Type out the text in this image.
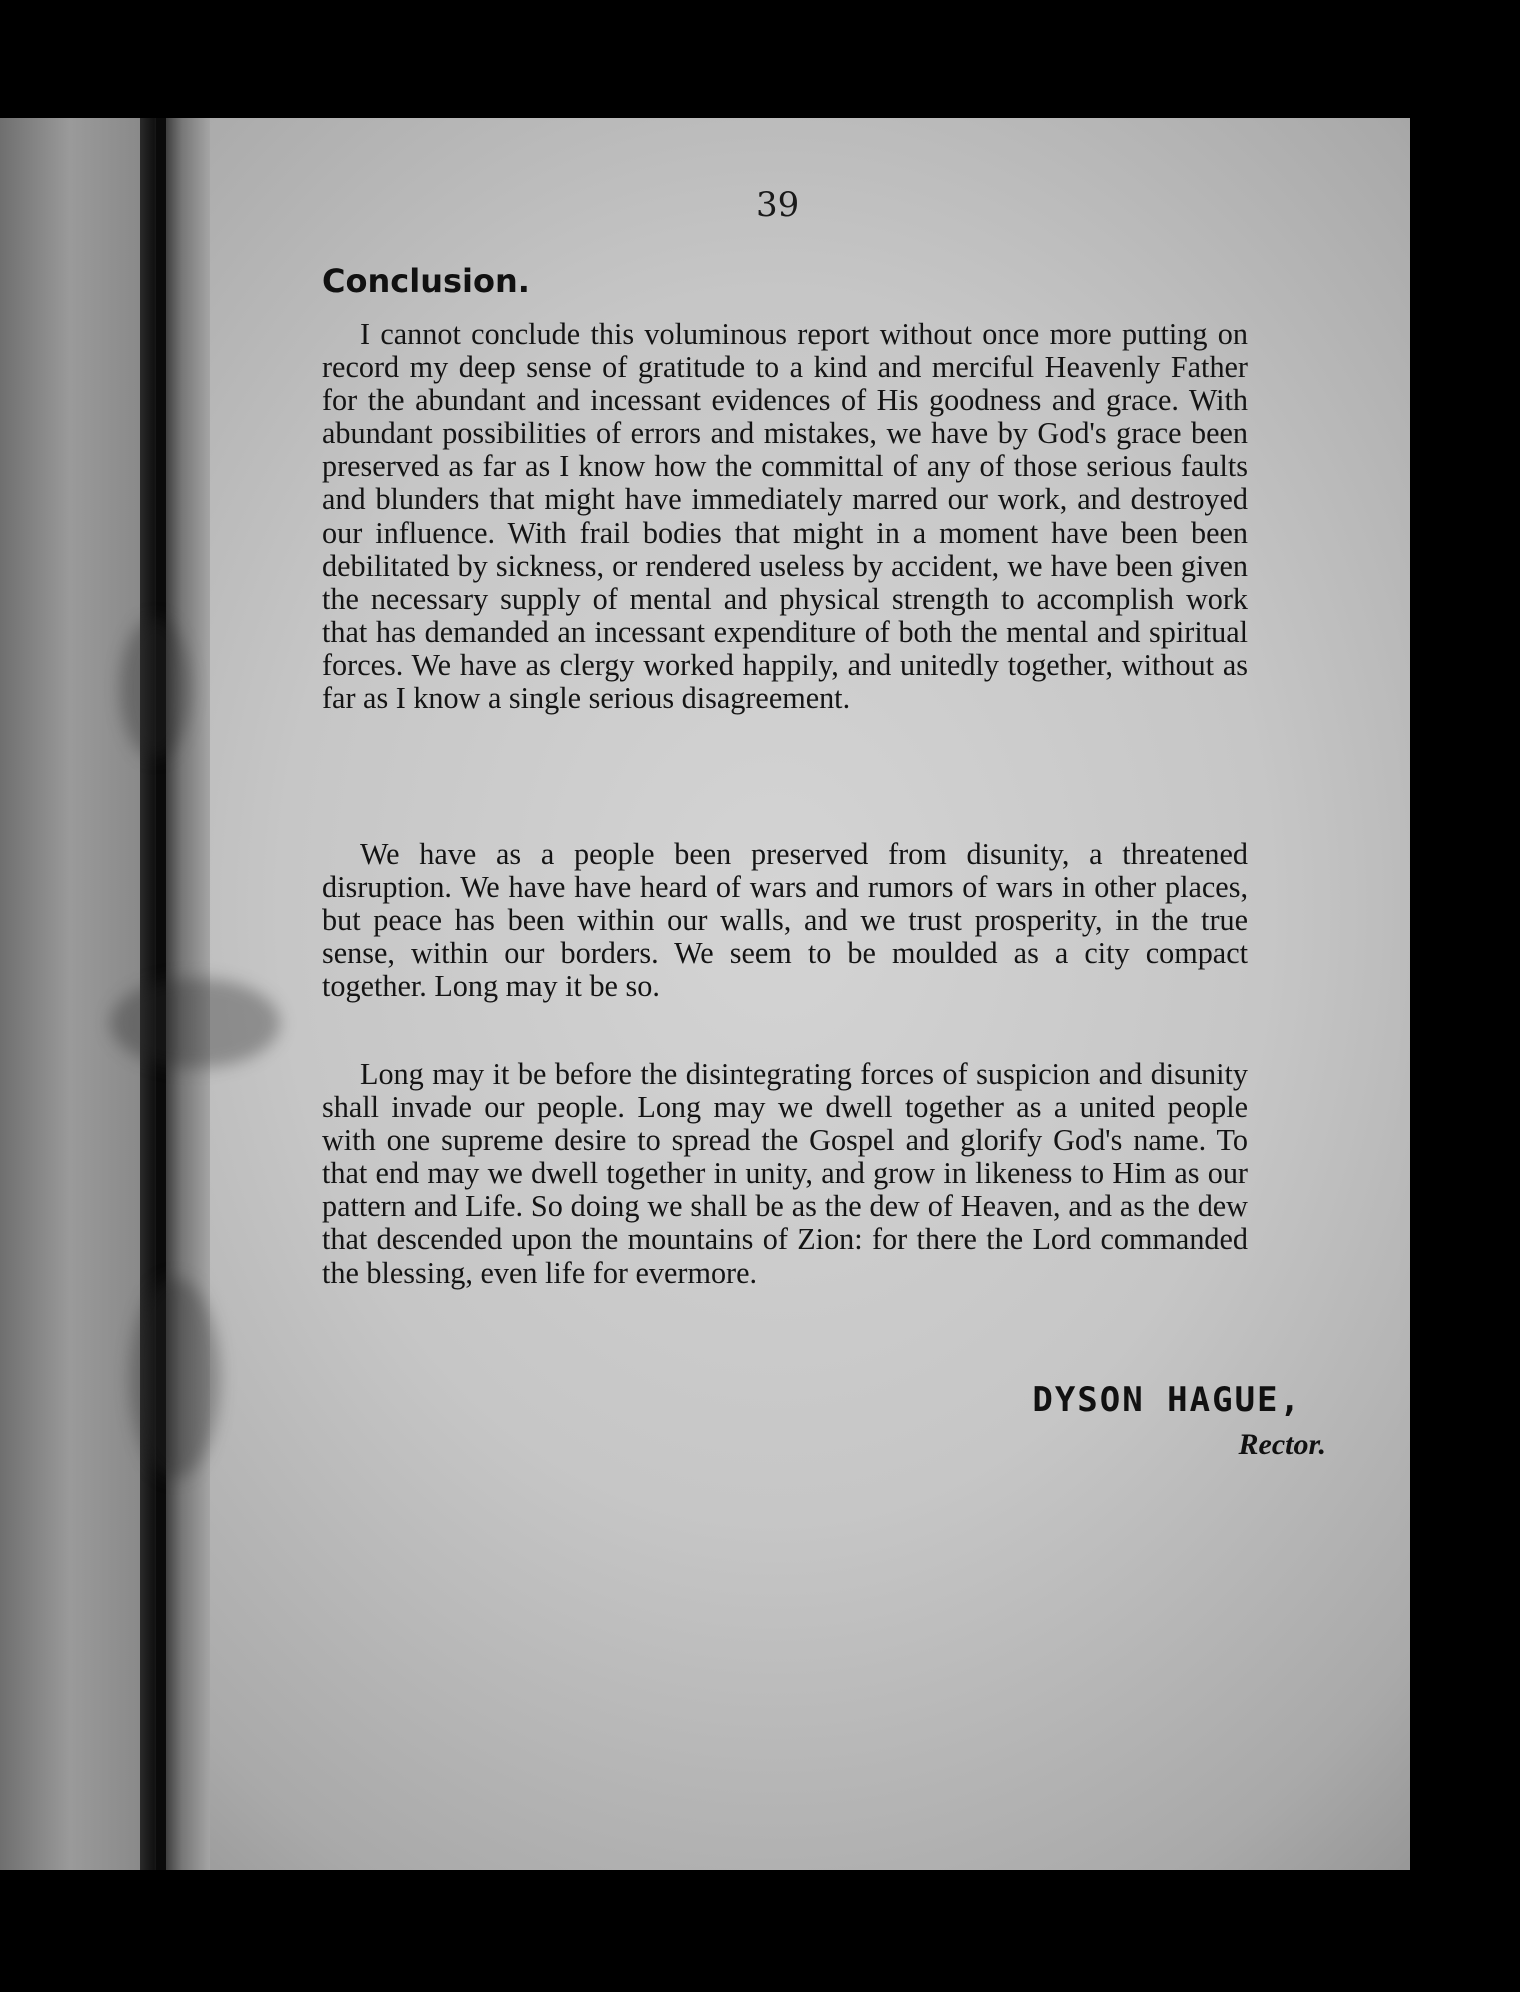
39
Conclusion.

I cannot conclude this voluminous report without once more putting on record my deep sense of gratitude to a kind and merciful Heavenly Father for the abundant and incessant evidences of His goodness and grace. With abundant possibilities of errors and mistakes, we have by God's grace been preserved as far as I know how the committal of any of those serious faults and blunders that might have immediately marred our work, and destroyed our influence. With frail bodies that might in a moment have been been debilitated by sickness, or rendered useless by accident, we have been given the necessary supply of mental and physical strength to accomplish work that has demanded an incessant expenditure of both the mental and spiritual forces. We have as clergy worked happily, and unitedly together, without as far as I know a single serious disagreement.

We have as a people been preserved from disunity, a threatened disruption. We have have heard of wars and rumors of wars in other places, but peace has been within our walls, and we trust prosperity, in the true sense, within our borders. We seem to be moulded as a city compact together. Long may it be so.

Long may it be before the disintegrating forces of suspicion and disunity shall invade our people. Long may we dwell together as a united people with one supreme desire to spread the Gospel and glorify God's name. To that end may we dwell together in unity, and grow in likeness to Him as our pattern and Life. So doing we shall be as the dew of Heaven, and as the dew that descended upon the mountains of Zion: for there the Lord commanded the blessing, even life for evermore.

DYSON HAGUE,
Rector.
